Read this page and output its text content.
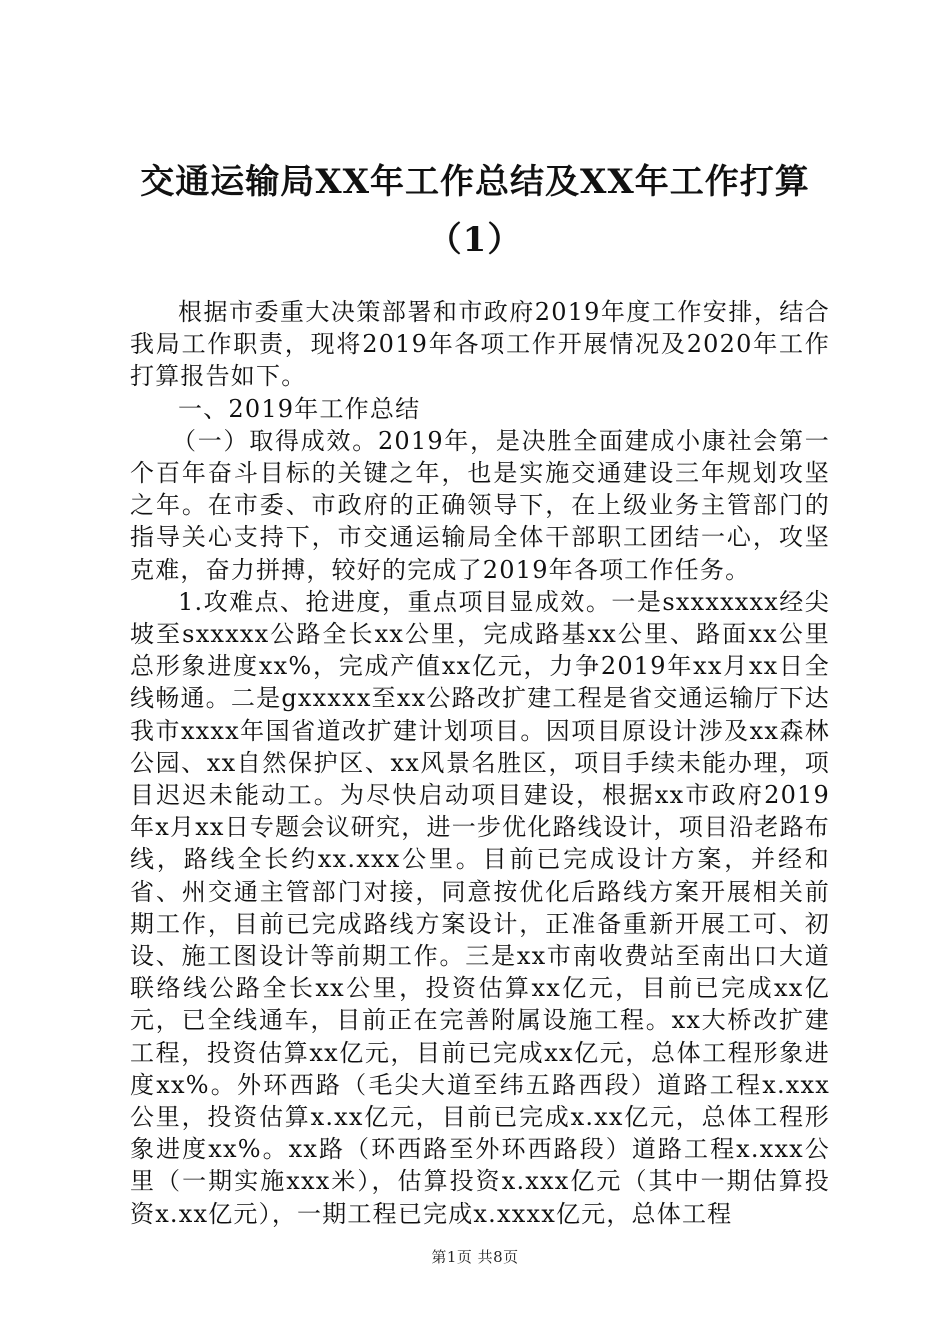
交通运输局XX年工作总结及XX年工作打算
（1）

根据市委重大决策部署和市政府2019年度工作安排，结合我局工作职责，现将2019年各项工作开展情况及2020年工作打算报告如下。

一、2019年工作总结

（一）取得成效。2019年，是决胜全面建成小康社会第一个百年奋斗目标的关键之年，也是实施交通建设三年规划攻坚之年。在市委、市政府的正确领导下，在上级业务主管部门的指导关心支持下，市交通运输局全体干部职工团结一心，攻坚克难，奋力拼搏，较好的完成了2019年各项工作任务。

1.攻难点、抢进度，重点项目显成效。一是sxxxxxxx经尖坡至sxxxxx公路全长xx公里，完成路基xx公里、路面xx公里总形象进度xx%，完成产值xx亿元，力争2019年xx月xx日全线畅通。二是gxxxxx至xx公路改扩建工程是省交通运输厅下达我市xxxx年国省道改扩建计划项目。因项目原设计涉及xx森林公园、xx自然保护区、xx风景名胜区，项目手续未能办理，项目迟迟未能动工。为尽快启动项目建设，根据xx市政府2019年x月xx日专题会议研究，进一步优化路线设计，项目沿老路布线，路线全长约xx.xxx公里。目前已完成设计方案，并经和省、州交通主管部门对接，同意按优化后路线方案开展相关前期工作，目前已完成路线方案设计，正准备重新开展工可、初设、施工图设计等前期工作。三是xx市南收费站至南出口大道联络线公路全长xx公里，投资估算xx亿元，目前已完成xx亿元，已全线通车，目前正在完善附属设施工程。xx大桥改扩建工程，投资估算xx亿元，目前已完成xx亿元，总体工程形象进度xx%。外环西路（毛尖大道至纬五路西段）道路工程x.xxx公里，投资估算x.xx亿元，目前已完成x.xx亿元，总体工程形象进度xx%。xx路（环西路至外环西路段）道路工程x.xxx公里（一期实施xxx米），估算投资x.xxx亿元（其中一期估算投资x.xx亿元），一期工程已完成x.xxxx亿元，总体工程

第1页 共8页
